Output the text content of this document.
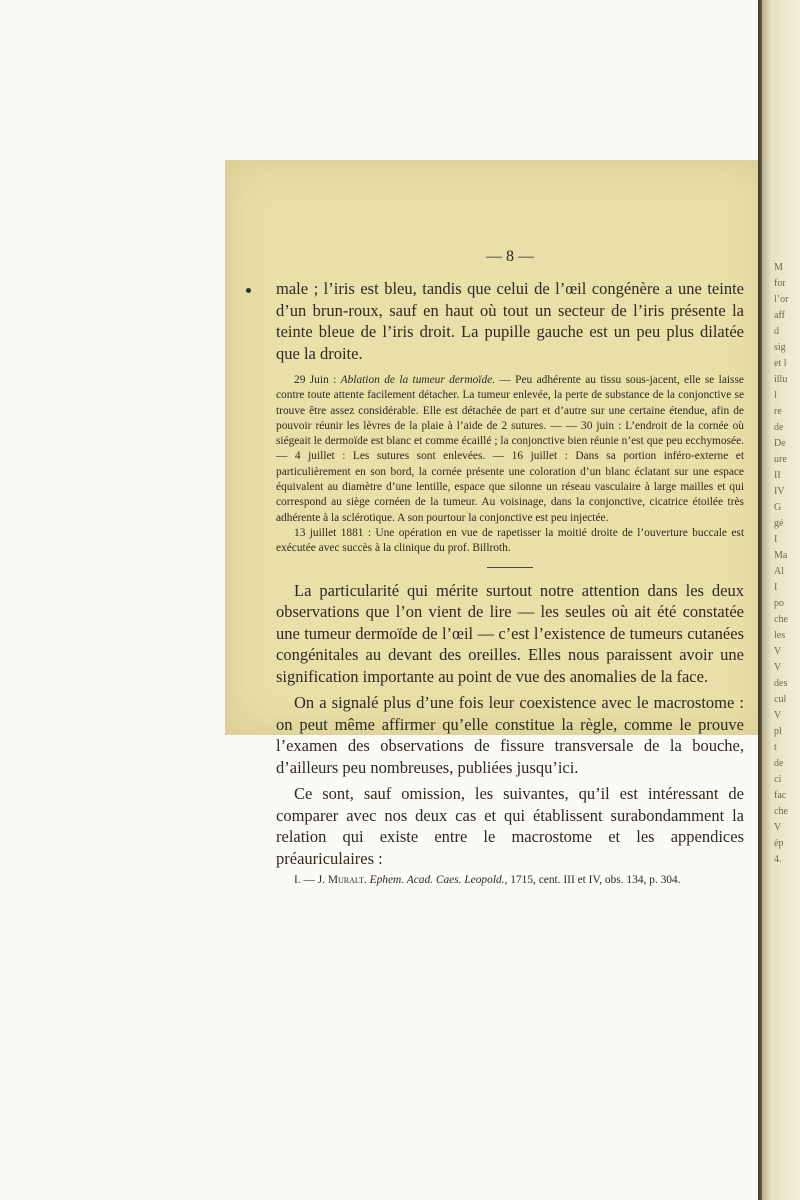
M
for
l’or
aff
d
sig
et l
illu
l
re
de
De
ure
II
IV
G
gé
I
Ma
Al
I
po
che
les
V
V
des
cul
V
pl
t
de
ci
fac
che
V
ép
4.
— 8 —

male ; l’iris est bleu, tandis que celui de l’œil congénère a une teinte d’un brun-roux, sauf en haut où tout un secteur de l’iris présente la teinte bleue de l’iris droit. La pupille gauche est un peu plus dilatée que la droite.

29 Juin : Ablation de la tumeur dermoïde. — Peu adhérente au tissu sous-jacent, elle se laisse contre toute attente facilement détacher. La tumeur enlevée, la perte de substance de la conjonctive se trouve être assez considérable. Elle est détachée de part et d’autre sur une certaine étendue, afin de pouvoir réunir les lèvres de la plaie à l’aide de 2 sutures. — — 30 juin : L’endroit de la cornée où siégeait le dermoïde est blanc et comme écaillé ; la conjonctive bien réunie n’est que peu ecchymosée. — 4 juillet : Les sutures sont enlevées. — 16 juillet : Dans sa portion inféro-externe et particulièrement en son bord, la cornée présente une coloration d’un blanc éclatant sur une espace équivalent au diamètre d’une lentille, espace que silonne un réseau vasculaire à large mailles et qui correspond au siège cornéen de la tumeur. Au voisinage, dans la conjonctive, cicatrice étoilée très adhérente à la sclérotique. A son pourtour la conjonctive est peu injectée.

13 juillet 1881 : Une opération en vue de rapetisser la moitié droite de l’ouverture buccale est exécutée avec succès à la clinique du prof. Billroth.

La particularité qui mérite surtout notre attention dans les deux observations que l’on vient de lire — les seules où ait été constatée une tumeur dermoïde de l’œil — c’est l’existence de tumeurs cutanées congénitales au devant des oreilles. Elles nous paraissent avoir une signification importante au point de vue des anomalies de la face.

On a signalé plus d’une fois leur coexistence avec le macrostome : on peut même affirmer qu’elle constitue la règle, comme le prouve l’examen des observations de fissure transversale de la bouche, d’ailleurs peu nombreuses, publiées jusqu’ici.

Ce sont, sauf omission, les suivantes, qu’il est intéressant de comparer avec nos deux cas et qui établissent surabondamment la relation qui existe entre le macrostome et les appendices préauriculaires :

I. — J. Muralt. Ephem. Acad. Caes. Leopold., 1715, cent. III et IV, obs. 134, p. 304.
